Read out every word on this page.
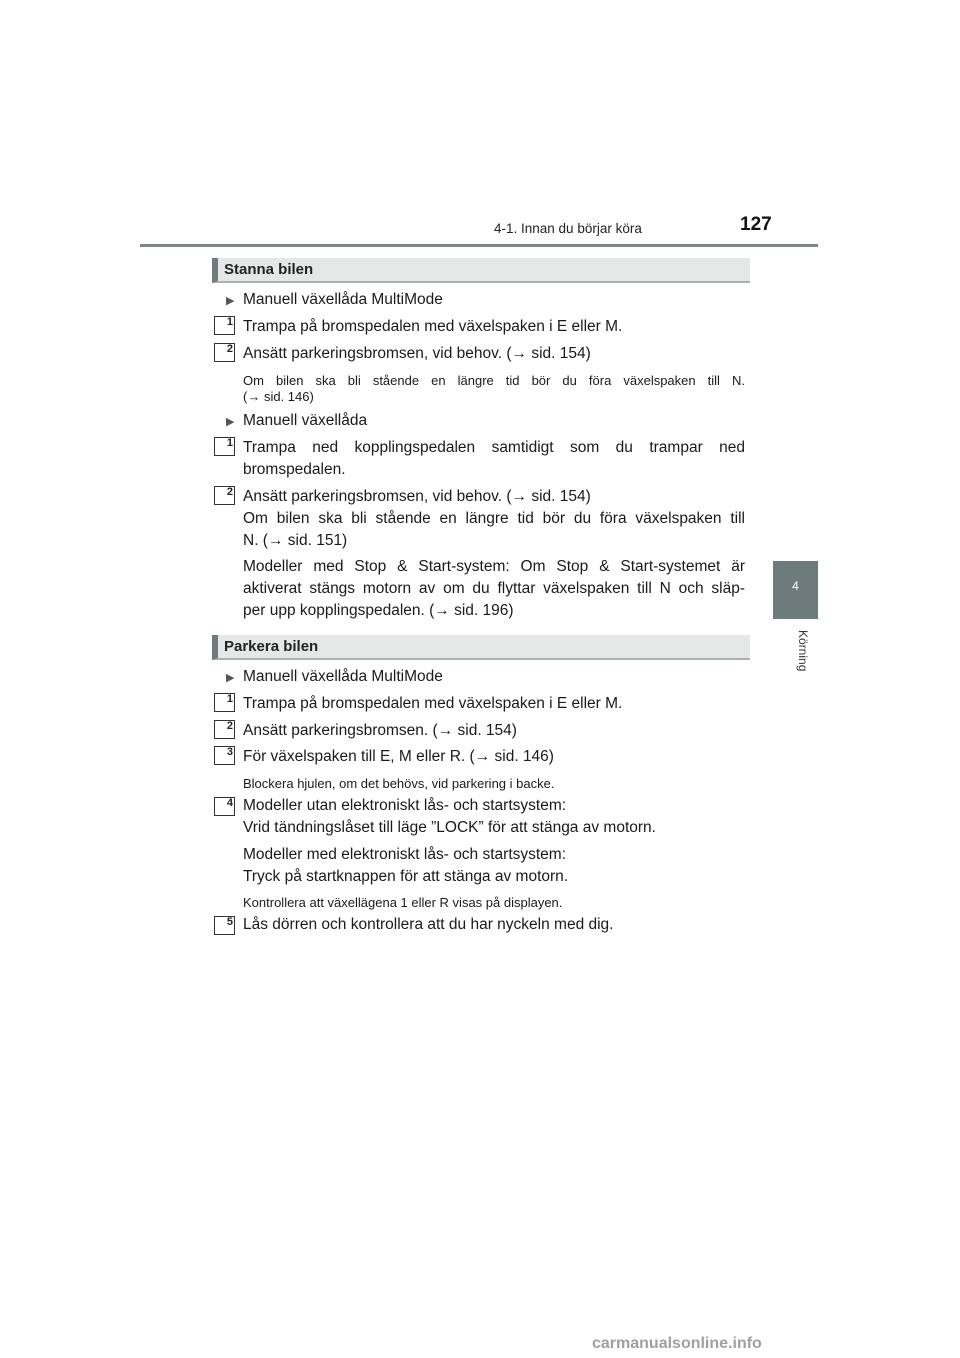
4-1. Innan du börjar köra	127
4
Körning
Stanna bilen
▶ Manuell växellåda MultiMode
1 Trampa på bromspedalen med växelspaken i E eller M.
2 Ansätt parkeringsbromsen, vid behov. (→ sid. 154)
Om bilen ska bli stående en längre tid bör du föra växelspaken till N.
(→ sid. 146)
▶ Manuell växellåda
1 Trampa ned kopplingspedalen samtidigt som du trampar ned
bromspedalen.
2 Ansätt parkeringsbromsen, vid behov. (→ sid. 154)
Om bilen ska bli stående en längre tid bör du föra växelspaken till
N. (→ sid. 151)
Modeller med Stop & Start-system: Om Stop & Start-systemet är
aktiverat stängs motorn av om du flyttar växelspaken till N och släp-
per upp kopplingspedalen. (→ sid. 196)
Parkera bilen
▶ Manuell växellåda MultiMode
1 Trampa på bromspedalen med växelspaken i E eller M.
2 Ansätt parkeringsbromsen. (→ sid. 154)
3 För växelspaken till E, M eller R. (→ sid. 146)
Blockera hjulen, om det behövs, vid parkering i backe.
4 Modeller utan elektroniskt lås- och startsystem:
Vrid tändningslåset till läge ”LOCK” för att stänga av motorn.
Modeller med elektroniskt lås- och startsystem:
Tryck på startknappen för att stänga av motorn.
Kontrollera att växellägena 1 eller R visas på displayen.
5 Lås dörren och kontrollera att du har nyckeln med dig.
carmanualsonline.info
